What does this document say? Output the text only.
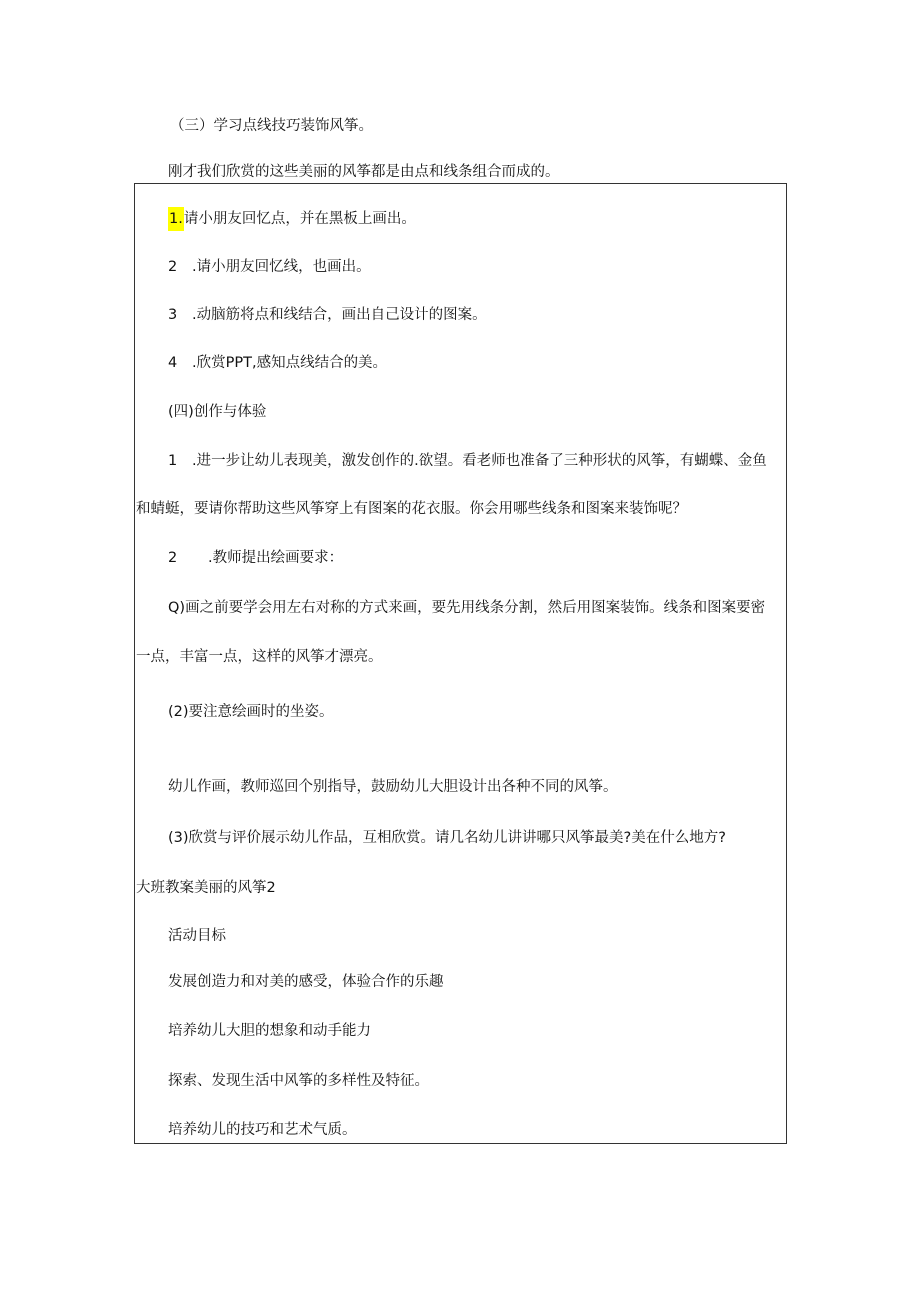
（三）学习点线技巧装饰风筝。
刚才我们欣赏的这些美丽的风筝都是由点和线条组合而成的。
1.请小朋友回忆点，并在黑板上画出。
2 .请小朋友回忆线，也画出。
3 .动脑筋将点和线结合，画出自己设计的图案。
4 .欣赏PPT,感知点线结合的美。
(四)创作与体验
1 .进一步让幼儿表现美，激发创作的.欲望。看老师也准备了三种形状的风筝，有蝴蝶、金鱼
和蜻蜓，要请你帮助这些风筝穿上有图案的花衣服。你会用哪些线条和图案来装饰呢？
2 .教师提出绘画要求：
Q)画之前要学会用左右对称的方式来画，要先用线条分割，然后用图案装饰。线条和图案要密
一点，丰富一点，这样的风筝才漂亮。
(2)要注意绘画时的坐姿。
幼儿作画，教师巡回个别指导，鼓励幼儿大胆设计出各种不同的风筝。
(3)欣赏与评价展示幼儿作品，互相欣赏。请几名幼儿讲讲哪只风筝最美?美在什么地方?
大班教案美丽的风筝2
活动目标
发展创造力和对美的感受，体验合作的乐趣
培养幼儿大胆的想象和动手能力
探索、发现生活中风筝的多样性及特征。
培养幼儿的技巧和艺术气质。
